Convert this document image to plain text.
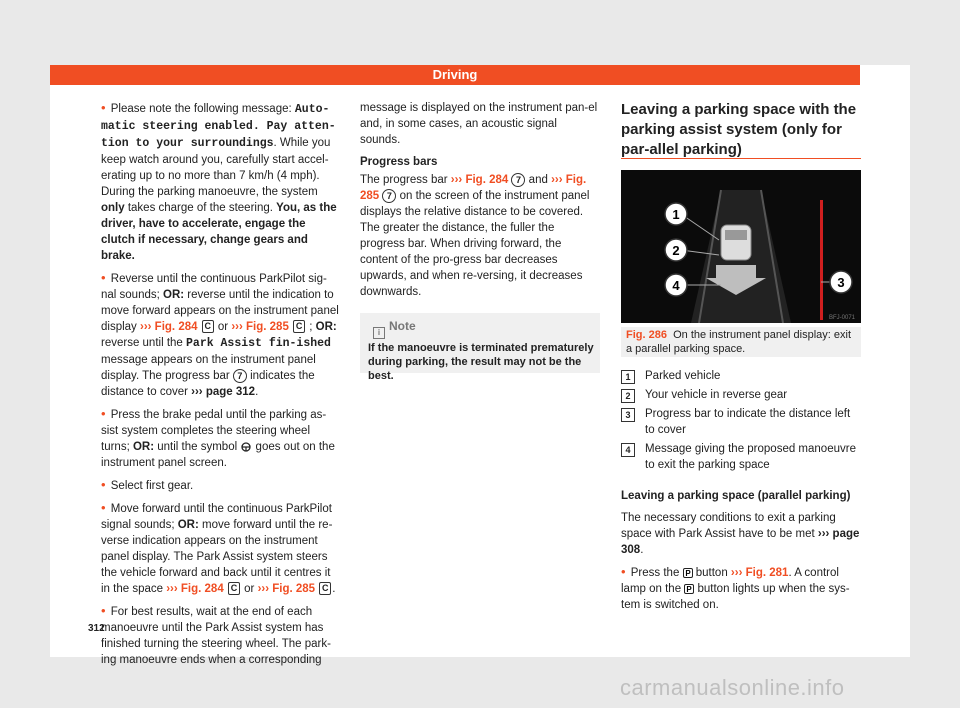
Driving

• Please note the following message: Auto-matic steering enabled. Pay atten-tion to your surroundings. While you keep watch around you, carefully start accel-erating up to no more than 7 km/h (4 mph). During the parking manoeuvre, the system only takes charge of the steering. You, as the driver, have to accelerate, engage the clutch if necessary, change gears and brake.

• Reverse until the continuous ParkPilot sig-nal sounds; OR: reverse until the indication to move forward appears on the instrument panel display ››› Fig. 284 C or ››› Fig. 285 C ; OR: reverse until the Park Assist fin-ished message appears on the instrument panel display. The progress bar 7 indicates the distance to cover ››› page 312.

• Press the brake pedal until the parking as-sist system completes the steering wheel turns; OR: until the symbol  goes out on the instrument panel screen.

• Select first gear.

• Move forward until the continuous ParkPilot signal sounds; OR: move forward until the re-verse indication appears on the instrument panel display. The Park Assist system steers the vehicle forward and back until it centres it in the space ››› Fig. 284 C or ››› Fig. 285 C .

• For best results, wait at the end of each manoeuvre until the Park Assist system has finished turning the steering wheel. The park-ing manoeuvre ends when a corresponding

312

message is displayed on the instrument pan-el and, in some cases, an acoustic signal sounds.

Progress bars

The progress bar ››› Fig. 284 7 and ››› Fig. 285 7 on the screen of the instrument panel displays the relative distance to be covered. The greater the distance, the fuller the progress bar. When driving forward, the content of the pro-gress bar decreases upwards, and when re-versing, it decreases downwards.

i Note
If the manoeuvre is terminated prematurely during parking, the result may not be the best.
Leaving a parking space with the parking assist system (only for par-allel parking)
1
2
4	3
BFJ-0071
Fig. 286 On the instrument panel display: exit a parallel parking space.
1	Parked vehicle
2	Your vehicle in reverse gear
3	Progress bar to indicate the distance left to cover
4	Message giving the proposed manoeuvre to exit the parking space

Leaving a parking space (parallel parking)

The necessary conditions to exit a parking space with Park Assist have to be met ››› page 308.

• Press the P button ››› Fig. 281. A control lamp on the P button lights up when the sys-tem is switched on.

carmanualsonline.info
